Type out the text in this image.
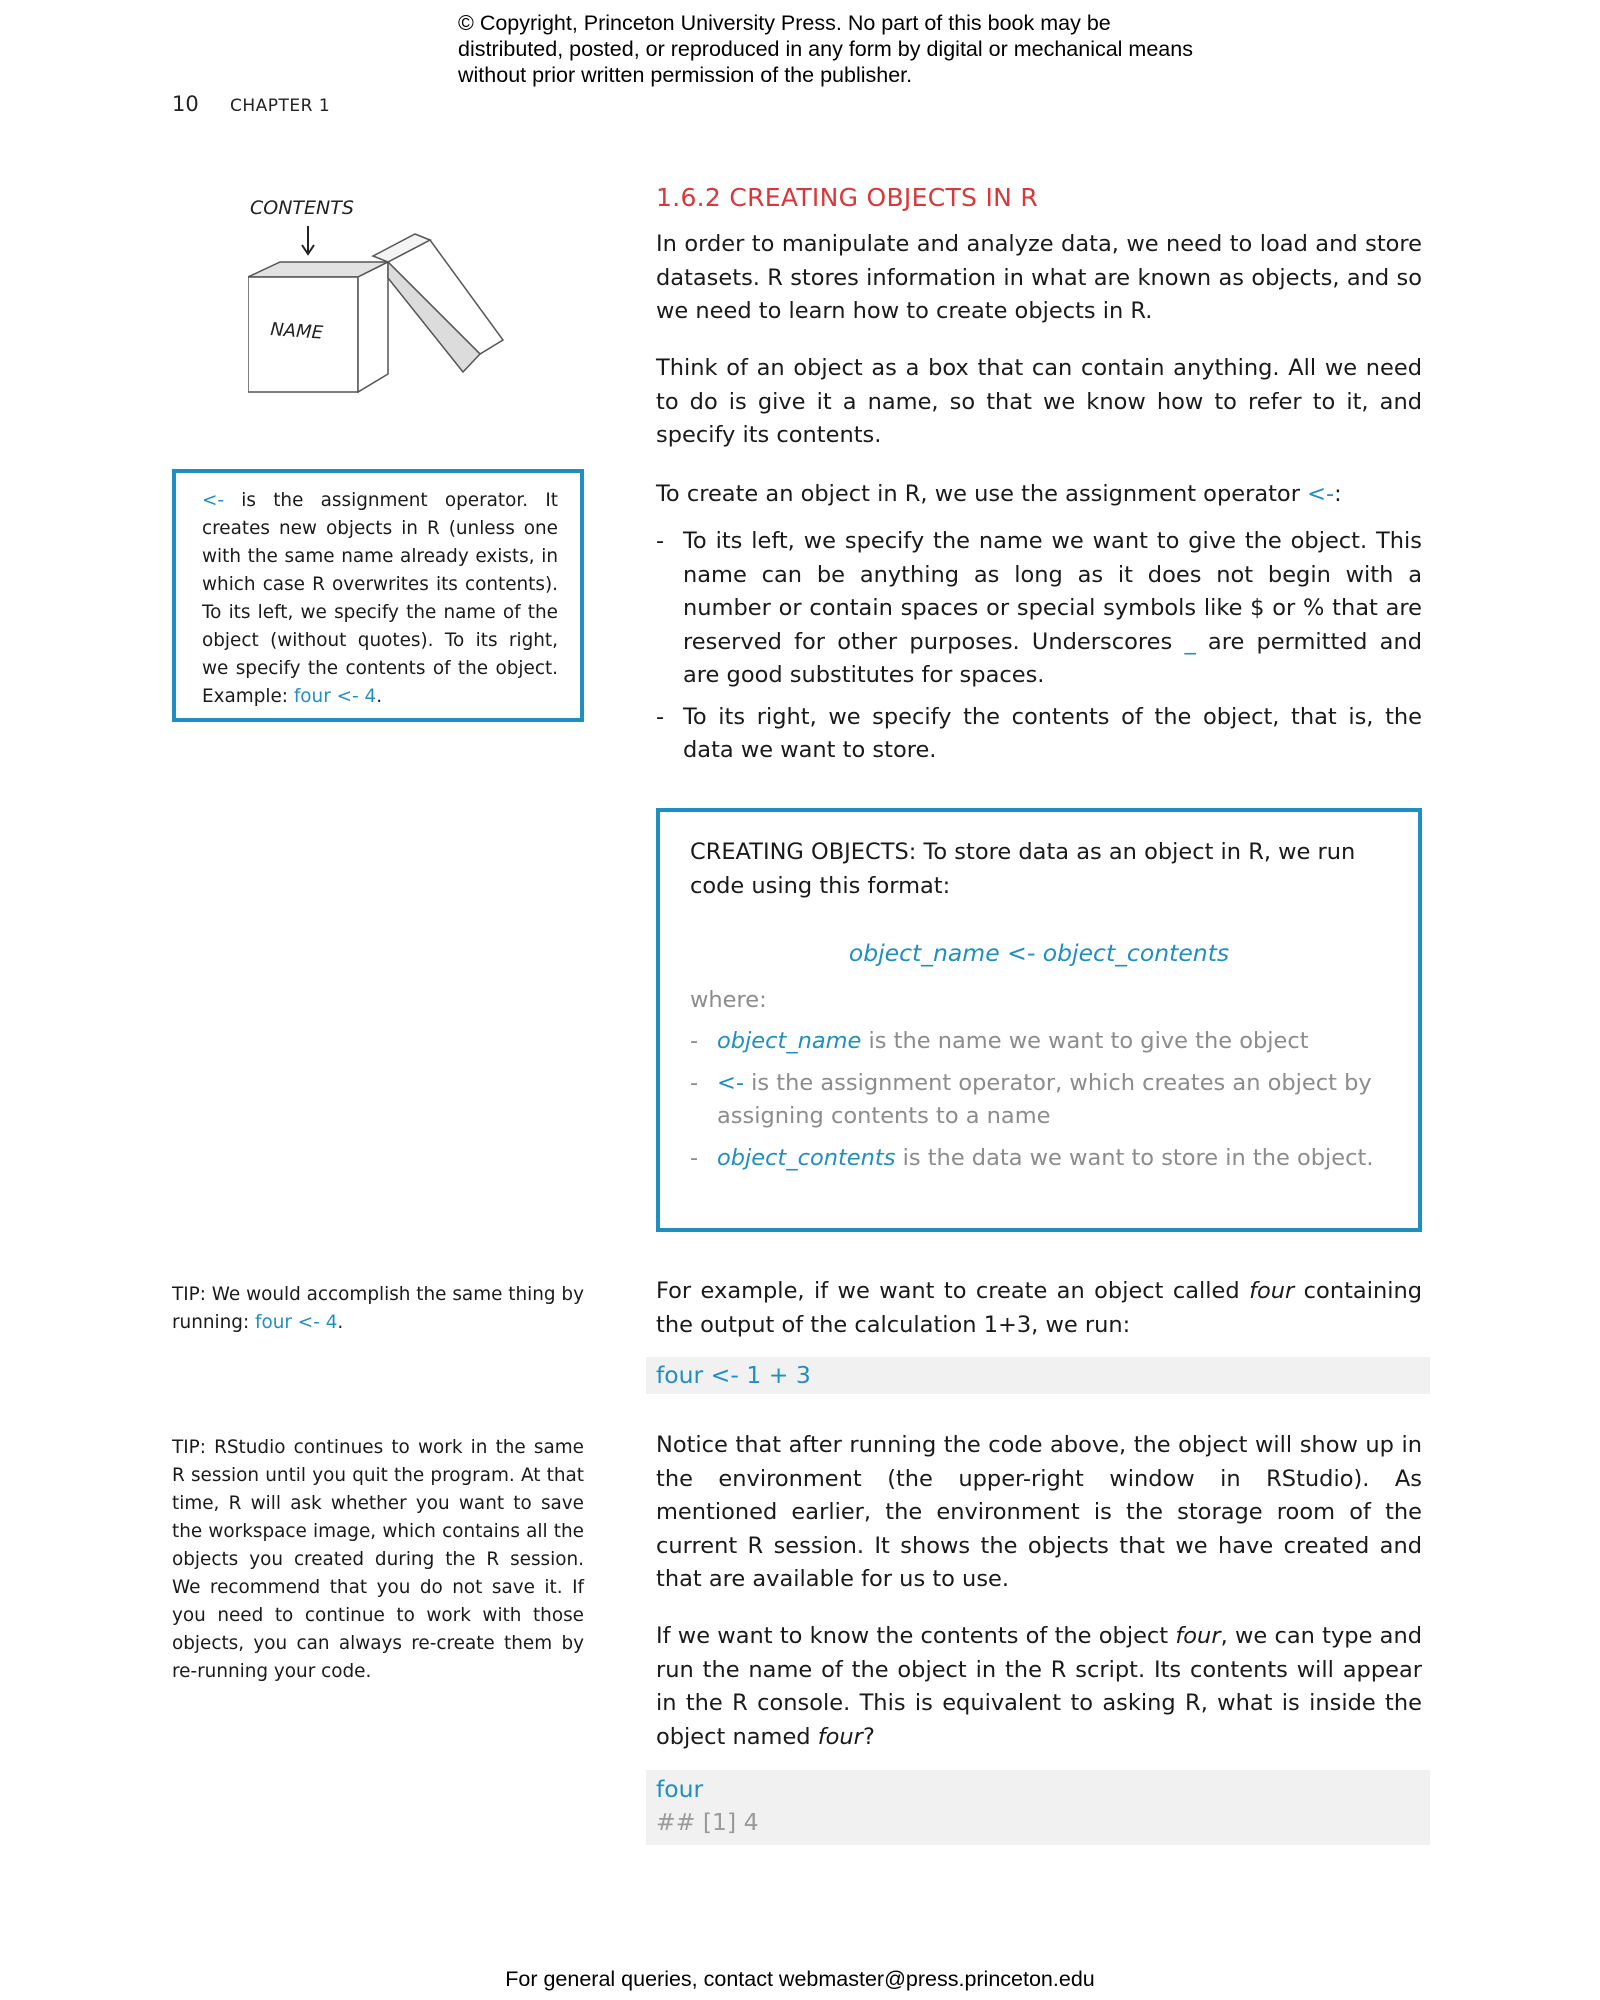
© Copyright, Princeton University Press. No part of this book may be distributed, posted, or reproduced in any form by digital or mechanical means without prior written permission of the publisher.
10 CHAPTER 1
CONTENTS
NAME
<- is the assignment operator. It creates new objects in R (unless one with the same name already exists, in which case R overwrites its contents). To its left, we specify the name of the object (without quotes). To its right, we specify the contents of the object. Example: four <- 4.
TIP: We would accomplish the same thing by running: four <- 4.
TIP: RStudio continues to work in the same R session until you quit the program. At that time, R will ask whether you want to save the workspace image, which contains all the objects you created during the R session. We recommend that you do not save it. If you need to continue to work with those objects, you can always re-create them by re-running your code.
1.6.2 CREATING OBJECTS IN R
In order to manipulate and analyze data, we need to load and store datasets. R stores information in what are known as objects, and so we need to learn how to create objects in R.
Think of an object as a box that can contain anything. All we need to do is give it a name, so that we know how to refer to it, and specify its contents.
To create an object in R, we use the assignment operator <-:
- To its left, we specify the name we want to give the object. This name can be anything as long as it does not begin with a number or contain spaces or special symbols like $ or % that are reserved for other purposes. Underscores _ are permitted and are good substitutes for spaces.
- To its right, we specify the contents of the object, that is, the data we want to store.
CREATING OBJECTS: To store data as an object in R, we run code using this format:
object_name <- object_contents
where:
- object_name is the name we want to give the object
- <- is the assignment operator, which creates an object by assigning contents to a name
- object_contents is the data we want to store in the object.
For example, if we want to create an object called four containing the output of the calculation 1+3, we run:
four <- 1 + 3
Notice that after running the code above, the object will show up in the environment (the upper-right window in RStudio). As mentioned earlier, the environment is the storage room of the current R session. It shows the objects that we have created and that are available for us to use.
If we want to know the contents of the object four, we can type and run the name of the object in the R script. Its contents will appear in the R console. This is equivalent to asking R, what is inside the object named four?
four
## [1] 4
For general queries, contact webmaster@press.princeton.edu
